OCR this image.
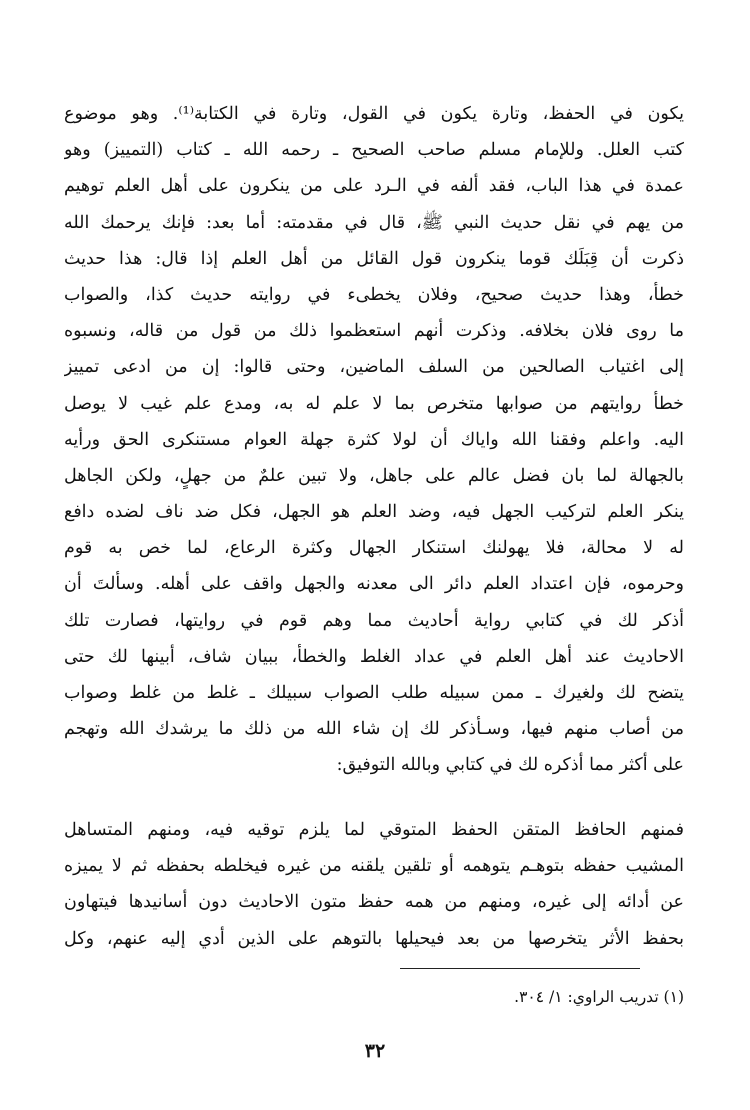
يكون في الحفظ، وتارة يكون في القول، وتارة في الكتابة⁽¹⁾. وهو موضوع
كتب العلل. وللإمام مسلم صاحب الصحيح ـ رحمه الله ـ كتاب (التمييز) وهو
عمدة في هذا الباب، فقد ألفه في الـرد على من ينكرون على أهل العلم توهيم
من يهم في نقل حديث النبي ﷺ، قال في مقدمته: أما بعد: فإنك يرحمك الله
ذكرت أن قِبَلَك قوما ينكرون قول القائل من أهل العلم إذا قال: هذا حديث
خطأ، وهذا حديث صحيح، وفلان يخطىء في روايته حديث كذا، والصواب
ما روى فلان بخلافه. وذكرت أنهم استعظموا ذلك من قول من قاله، ونسبوه
إلى اغتياب الصالحين من السلف الماضين، وحتى قالوا: إن من ادعى تمييز
خطأ روايتهم من صوابها متخرص بما لا علم له به، ومدع علم غيب لا يوصل
اليه. واعلم وفقنا الله واياك أن لولا كثرة جهلة العوام مستنكرى الحق ورأيه
بالجهالة لما بان فضل عالم على جاهل، ولا تبين علمٌ من جهلٍ، ولكن الجاهل
ينكر العلم لتركيب الجهل فيه، وضد العلم هو الجهل، فكل ضد ناف لضده دافع
له لا محالة، فلا يهولنك استنكار الجهال وكثرة الرعاع، لما خص به قوم
وحرموه، فإن اعتداد العلم دائر الى معدنه والجهل واقف على أهله. وسألتَ أن
أذكر لك في كتابي رواية أحاديث مما وهم قوم في روايتها، فصارت تلك
الاحاديث عند أهل العلم في عداد الغلط والخطأ، ببيان شاف، أبينها لك حتى
يتضح لك ولغيرك ـ ممن سبيله طلب الصواب سبيلك ـ غلط من غلط وصواب
من أصاب منهم فيها، وسـأذكر لك إن شاء الله من ذلك ما يرشدك الله وتهجم
على أكثر مما أذكره لك في كتابي وبالله التوفيق:
فمنهم الحافظ المتقن الحفظ المتوقي لما يلزم توقيه فيه، ومنهم المتساهل
المشيب حفظه بتوهـم يتوهمه أو تلقين يلقنه من غيره فيخلطه بحفظه ثم لا يميزه
عن أدائه إلى غيره، ومنهم من همه حفظ متون الاحاديث دون أسانيدها فيتهاون
بحفظ الأثر يتخرصها من بعد فيحيلها بالتوهم على الذين أدي إليه عنهم، وكل
(١) تدريب الراوي: ١/ ٣٠٤.
٣٢
